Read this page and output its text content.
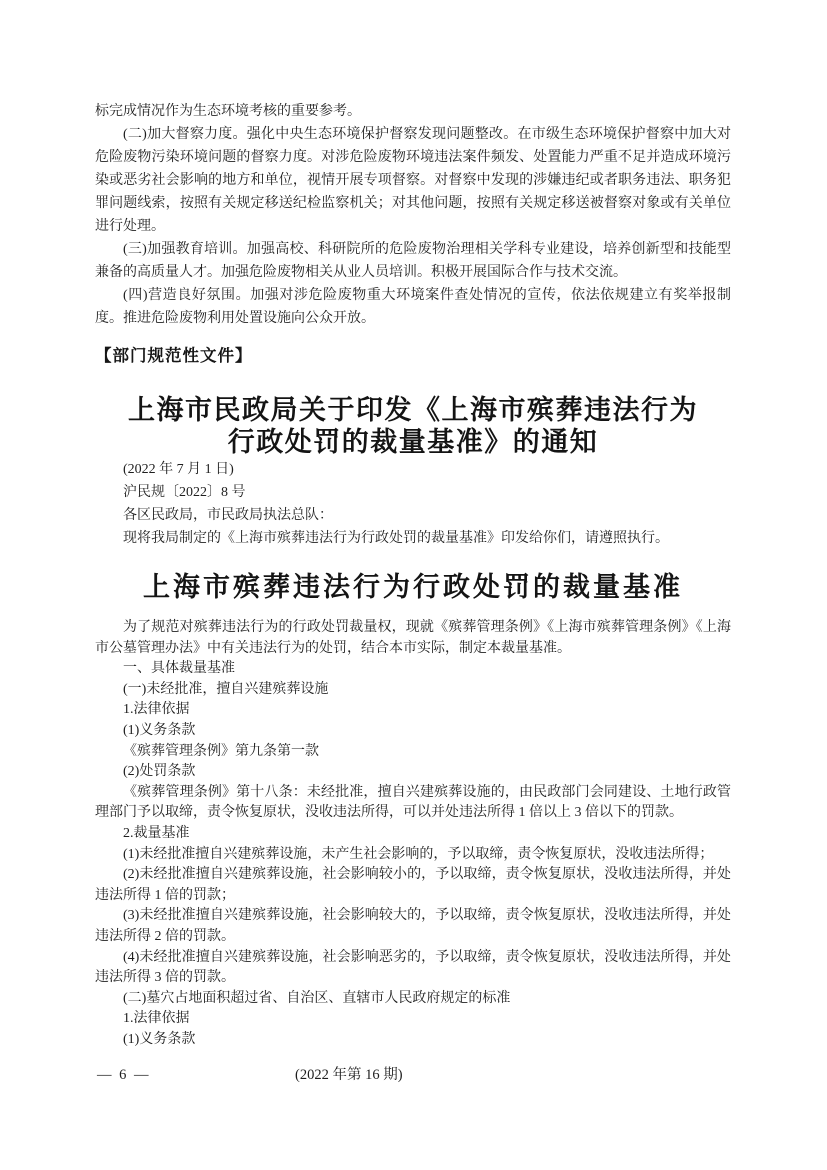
标完成情况作为生态环境考核的重要参考。

(二)加大督察力度。强化中央生态环境保护督察发现问题整改。在市级生态环境保护督察中加大对危险废物污染环境问题的督察力度。对涉危险废物环境违法案件频发、处置能力严重不足并造成环境污染或恶劣社会影响的地方和单位，视情开展专项督察。对督察中发现的涉嫌违纪或者职务违法、职务犯罪问题线索，按照有关规定移送纪检监察机关；对其他问题，按照有关规定移送被督察对象或有关单位进行处理。

(三)加强教育培训。加强高校、科研院所的危险废物治理相关学科专业建设，培养创新型和技能型兼备的高质量人才。加强危险废物相关从业人员培训。积极开展国际合作与技术交流。

(四)营造良好氛围。加强对涉危险废物重大环境案件查处情况的宣传，依法依规建立有奖举报制度。推进危险废物利用处置设施向公众开放。

【部门规范性文件】
上海市民政局关于印发《上海市殡葬违法行为
行政处罚的裁量基准》的通知

(2022 年 7 月 1 日)

沪民规〔2022〕8 号

各区民政局，市民政局执法总队：

现将我局制定的《上海市殡葬违法行为行政处罚的裁量基准》印发给你们，请遵照执行。

上海市殡葬违法行为行政处罚的裁量基准

为了规范对殡葬违法行为的行政处罚裁量权，现就《殡葬管理条例》《上海市殡葬管理条例》《上海市公墓管理办法》中有关违法行为的处罚，结合本市实际，制定本裁量基准。

一、具体裁量基准

(一)未经批准，擅自兴建殡葬设施

1.法律依据

(1)义务条款

《殡葬管理条例》第九条第一款

(2)处罚条款

《殡葬管理条例》第十八条：未经批准，擅自兴建殡葬设施的，由民政部门会同建设、土地行政管理部门予以取缔，责令恢复原状，没收违法所得，可以并处违法所得 1 倍以上 3 倍以下的罚款。

2.裁量基准

(1)未经批准擅自兴建殡葬设施，未产生社会影响的，予以取缔，责令恢复原状，没收违法所得；

(2)未经批准擅自兴建殡葬设施，社会影响较小的，予以取缔，责令恢复原状，没收违法所得，并处违法所得 1 倍的罚款；

(3)未经批准擅自兴建殡葬设施，社会影响较大的，予以取缔，责令恢复原状，没收违法所得，并处违法所得 2 倍的罚款。

(4)未经批准擅自兴建殡葬设施，社会影响恶劣的，予以取缔，责令恢复原状，没收违法所得，并处违法所得 3 倍的罚款。

(二)墓穴占地面积超过省、自治区、直辖市人民政府规定的标准

1.法律依据

(1)义务条款

— 6 —	(2022 年第 16 期)
